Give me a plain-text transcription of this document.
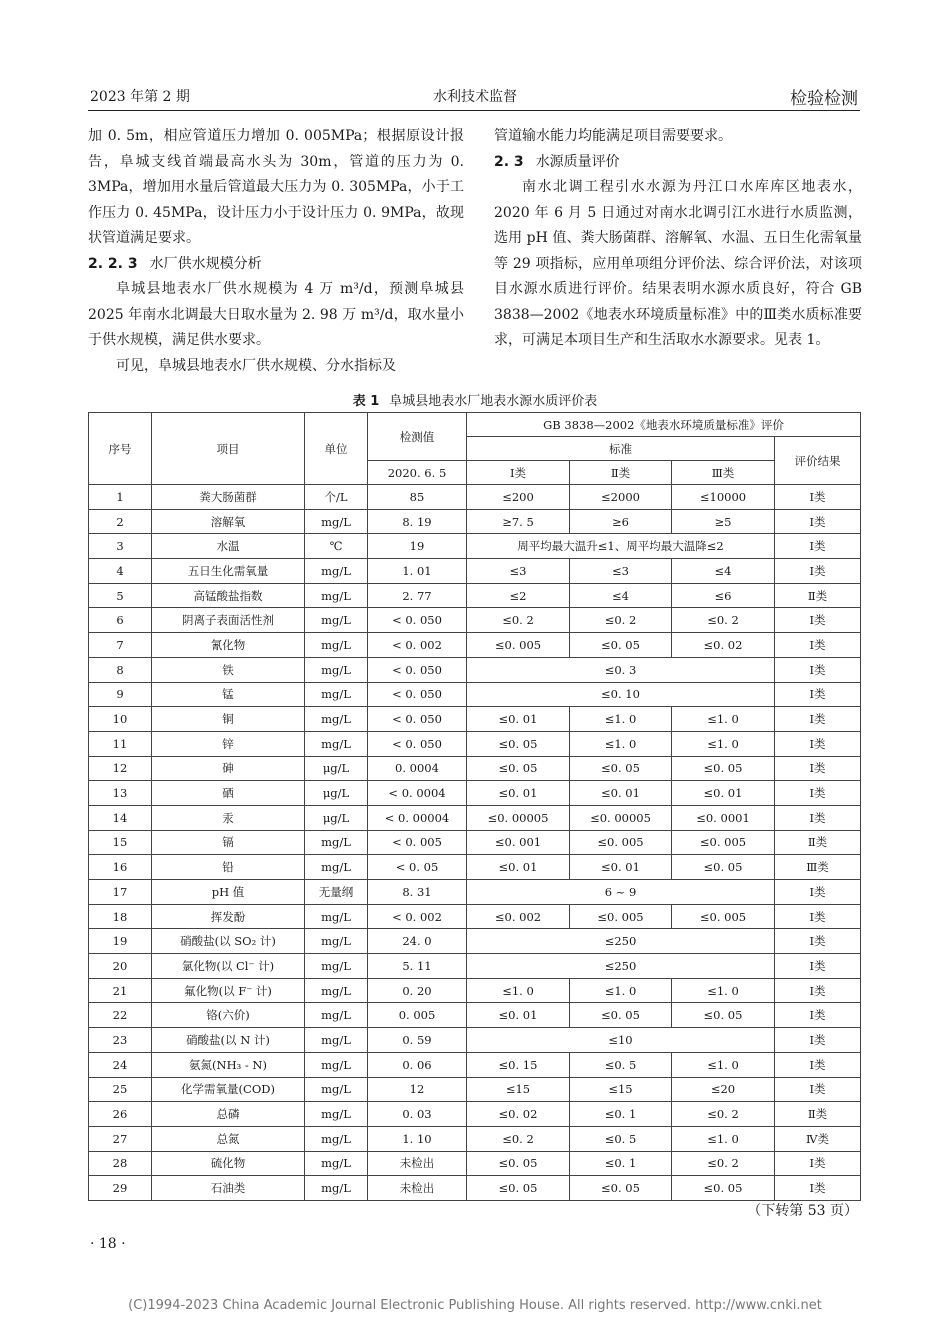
2023 年第 2 期	水利技术监督	检验检测

加 0. 5m，相应管道压力增加 0. 005MPa；根据原设计报告，阜城支线首端最高水头为 30m，管道的压力为 0. 3MPa，增加用水量后管道最大压力为 0. 305MPa，小于工作压力 0. 45MPa，设计压力小于设计压力 0. 9MPa，故现状管道满足要求。

2. 2. 3 水厂供水规模分析

阜城县地表水厂供水规模为 4 万 m³/d，预测阜城县 2025 年南水北调最大日取水量为 2. 98 万 m³/d，取水量小于供水规模，满足供水要求。

可见，阜城县地表水厂供水规模、分水指标及

管道输水能力均能满足项目需要要求。

2. 3 水源质量评价

南水北调工程引水水源为丹江口水库库区地表水，2020 年 6 月 5 日通过对南水北调引江水进行水质监测，选用 pH 值、粪大肠菌群、溶解氧、水温、五日生化需氧量等 29 项指标，应用单项组分评价法、综合评价法，对该项目水源水质进行评价。结果表明水源水质良好，符合 GB 3838—2002《地表水环境质量标准》中的Ⅲ类水质标准要求，可满足本项目生产和生活取水水源要求。见表 1。

表 1 阜城县地表水厂地表水源水质评价表
序号	项目	单位	检测值	GB 3838—2002《地表水环境质量标准》评价			
				标准			评价结果
			2020. 6. 5	Ⅰ类	Ⅱ类	Ⅲ类	
1	粪大肠菌群	个/L	85	≤200	≤2000	≤10000	Ⅰ类
2	溶解氧	mg/L	8. 19	≥7. 5	≥6	≥5	Ⅰ类
3	水温	℃	19	周平均最大温升≤1、周平均最大温降≤2			Ⅰ类
4	五日生化需氧量	mg/L	1. 01	≤3	≤3	≤4	Ⅰ类
5	高锰酸盐指数	mg/L	2. 77	≤2	≤4	≤6	Ⅱ类
6	阴离子表面活性剂	mg/L	< 0. 050	≤0. 2	≤0. 2	≤0. 2	Ⅰ类
7	氰化物	mg/L	< 0. 002	≤0. 005	≤0. 05	≤0. 02	Ⅰ类
8	铁	mg/L	< 0. 050	≤0. 3			Ⅰ类
9	锰	mg/L	< 0. 050	≤0. 10			Ⅰ类
10	铜	mg/L	< 0. 050	≤0. 01	≤1. 0	≤1. 0	Ⅰ类
11	锌	mg/L	< 0. 050	≤0. 05	≤1. 0	≤1. 0	Ⅰ类
12	砷	μg/L	0. 0004	≤0. 05	≤0. 05	≤0. 05	Ⅰ类
13	硒	μg/L	< 0. 0004	≤0. 01	≤0. 01	≤0. 01	Ⅰ类
14	汞	μg/L	< 0. 00004	≤0. 00005	≤0. 00005	≤0. 0001	Ⅰ类
15	镉	mg/L	< 0. 005	≤0. 001	≤0. 005	≤0. 005	Ⅱ类
16	铅	mg/L	< 0. 05	≤0. 01	≤0. 01	≤0. 05	Ⅲ类
17	pH 值	无量纲	8. 31	6 ~ 9			Ⅰ类
18	挥发酚	mg/L	< 0. 002	≤0. 002	≤0. 005	≤0. 005	Ⅰ类
19	硝酸盐(以 SO₂ 计)	mg/L	24. 0	≤250			Ⅰ类
20	氯化物(以 Cl⁻ 计)	mg/L	5. 11	≤250			Ⅰ类
21	氟化物(以 F⁻ 计)	mg/L	0. 20	≤1. 0	≤1. 0	≤1. 0	Ⅰ类
22	铬(六价)	mg/L	0. 005	≤0. 01	≤0. 05	≤0. 05	Ⅰ类
23	硝酸盐(以 N 计)	mg/L	0. 59	≤10			Ⅰ类
24	氨氮(NH₃ - N)	mg/L	0. 06	≤0. 15	≤0. 5	≤1. 0	Ⅰ类
25	化学需氧量(COD)	mg/L	12	≤15	≤15	≤20	Ⅰ类
26	总磷	mg/L	0. 03	≤0. 02	≤0. 1	≤0. 2	Ⅱ类
27	总氮	mg/L	1. 10	≤0. 2	≤0. 5	≤1. 0	Ⅳ类
28	硫化物	mg/L	未检出	≤0. 05	≤0. 1	≤0. 2	Ⅰ类
29	石油类	mg/L	未检出	≤0. 05	≤0. 05	≤0. 05	Ⅰ类
（下转第 53 页）
· 18 ·
(C)1994-2023 China Academic Journal Electronic Publishing House. All rights reserved. http://www.cnki.net
